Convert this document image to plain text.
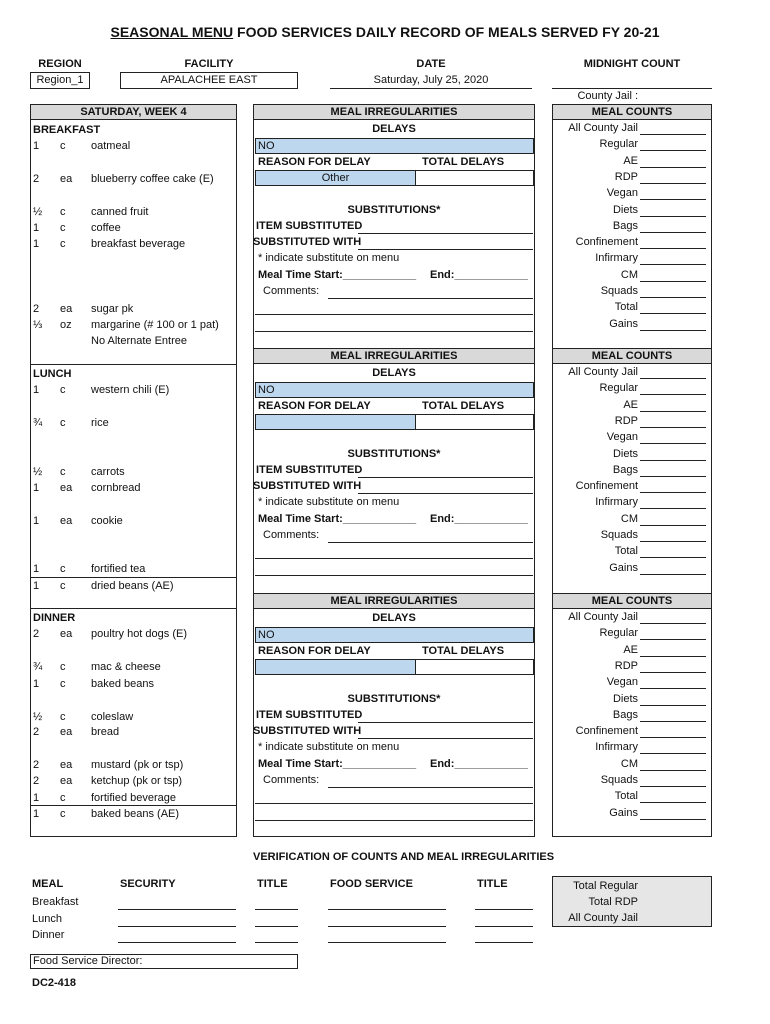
SEASONAL MENU FOOD SERVICES DAILY RECORD OF MEALS SERVED FY 20-21
REGION
Region_1
FACILITY
APALACHEE EAST
DATE
Saturday, July 25, 2020
MIDNIGHT COUNT
County Jail :
SATURDAY, WEEK 4
BREAKFAST
1 c oatmeal
2 ea blueberry coffee cake (E)
½ c canned fruit
1 c coffee
1 c breakfast beverage
2 ea sugar pk
⅓ oz margarine (# 100 or 1 pat)
No Alternate Entree
LUNCH
1 c western chili (E)
¾ c rice
½ c carrots
1 ea cornbread
1 ea cookie
1 c fortified tea
1 c dried beans (AE)
DINNER
2 ea poultry hot dogs (E)
¾ c mac & cheese
1 c baked beans
½ c coleslaw
2 ea bread
2 ea mustard (pk or tsp)
2 ea ketchup (pk or tsp)
1 c fortified beverage
1 c baked beans (AE)
MEAL IRREGULARITIES
DELAYS
NO
REASON FOR DELAY	TOTAL DELAYS
Other
SUBSTITUTIONS*
ITEM SUBSTITUTED
SUBSTITUTED WITH
* indicate substitute on menu
Meal Time Start:____________ End:____________
Comments:
MEAL IRREGULARITIES
DELAYS
NO
REASON FOR DELAY	TOTAL DELAYS
SUBSTITUTIONS*
ITEM SUBSTITUTED
SUBSTITUTED WITH
* indicate substitute on menu
Meal Time Start:____________ End:____________
Comments:
MEAL IRREGULARITIES
DELAYS
NO
REASON FOR DELAY	TOTAL DELAYS
SUBSTITUTIONS*
ITEM SUBSTITUTED
SUBSTITUTED WITH
* indicate substitute on menu
Meal Time Start:____________ End:____________
Comments:
MEAL COUNTS
All County Jail
Regular
AE
RDP
Vegan
Diets
Bags
Confinement
Infirmary
CM
Squads
Total
Gains
MEAL COUNTS
All County Jail
Regular
AE
RDP
Vegan
Diets
Bags
Confinement
Infirmary
CM
Squads
Total
Gains
MEAL COUNTS
All County Jail
Regular
AE
RDP
Vegan
Diets
Bags
Confinement
Infirmary
CM
Squads
Total
Gains
VERIFICATION OF COUNTS AND MEAL IRREGULARITIES
MEAL	SECURITY	TITLE	FOOD SERVICE	TITLE
Breakfast
Lunch
Dinner
Total Regular
Total RDP
All County Jail
Food Service Director:
DC2-418
